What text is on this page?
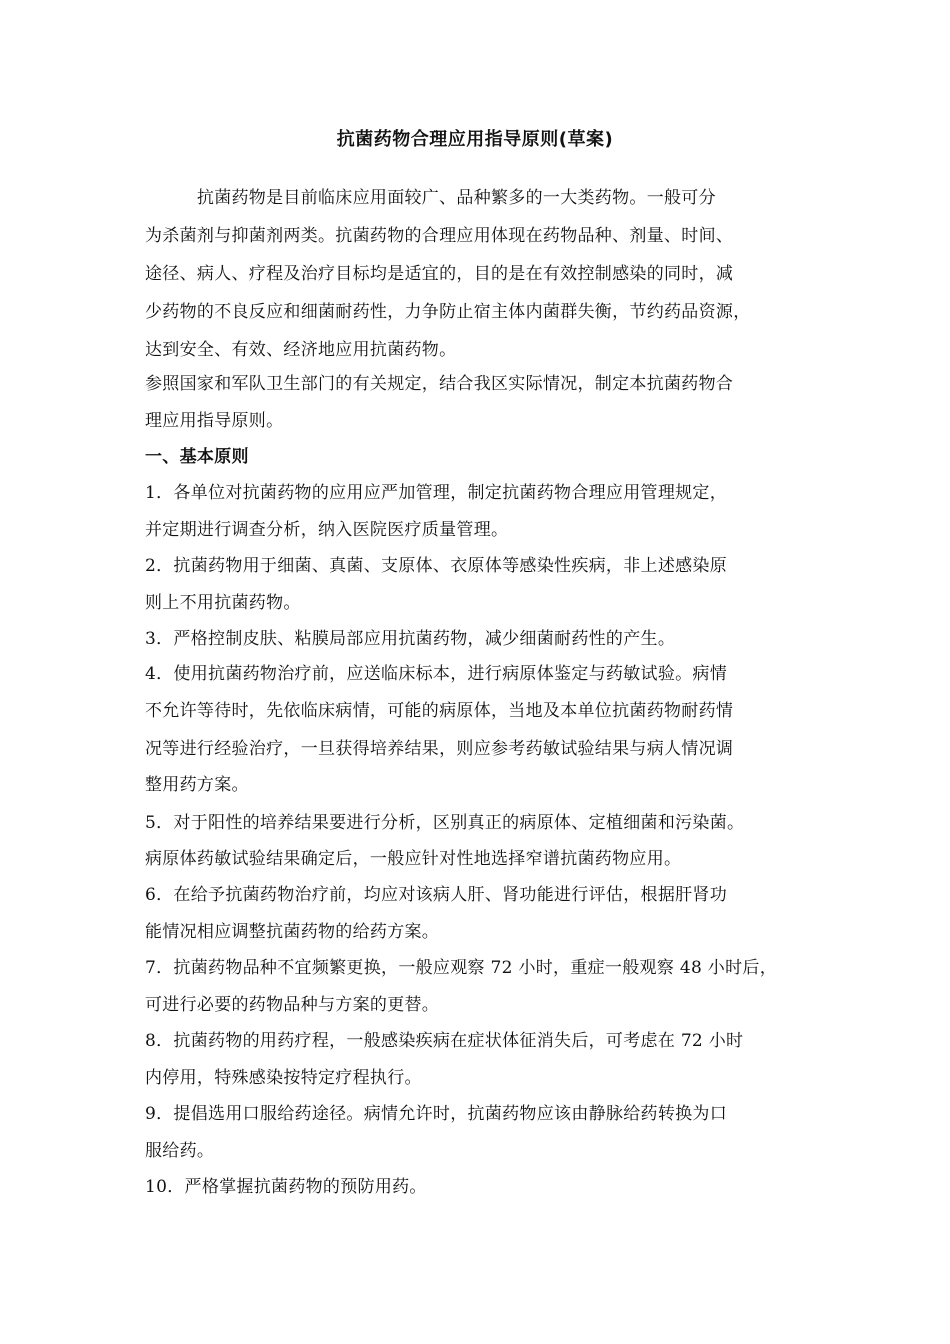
抗菌药物合理应用指导原则(草案)
　　　抗菌药物是目前临床应用面较广、品种繁多的一大类药物。一般可分
为杀菌剂与抑菌剂两类。抗菌药物的合理应用体现在药物品种、剂量、时间、
途径、病人、疗程及治疗目标均是适宜的，目的是在有效控制感染的同时，减
少药物的不良反应和细菌耐药性，力争防止宿主体内菌群失衡，节约药品资源，
达到安全、有效、经济地应用抗菌药物。
参照国家和军队卫生部门的有关规定，结合我区实际情况，制定本抗菌药物合
理应用指导原则。
一、基本原则
1．各单位对抗菌药物的应用应严加管理，制定抗菌药物合理应用管理规定，
并定期进行调查分析，纳入医院医疗质量管理。
2．抗菌药物用于细菌、真菌、支原体、衣原体等感染性疾病，非上述感染原
则上不用抗菌药物。
3．严格控制皮肤、粘膜局部应用抗菌药物，减少细菌耐药性的产生。
4．使用抗菌药物治疗前，应送临床标本，进行病原体鉴定与药敏试验。病情
不允许等待时，先依临床病情，可能的病原体，当地及本单位抗菌药物耐药情
况等进行经验治疗，一旦获得培养结果，则应参考药敏试验结果与病人情况调
整用药方案。
5．对于阳性的培养结果要进行分析，区别真正的病原体、定植细菌和污染菌。
病原体药敏试验结果确定后，一般应针对性地选择窄谱抗菌药物应用。
6．在给予抗菌药物治疗前，均应对该病人肝、肾功能进行评估，根据肝肾功
能情况相应调整抗菌药物的给药方案。
7．抗菌药物品种不宜频繁更换，一般应观察 72 小时，重症一般观察 48 小时后，
可进行必要的药物品种与方案的更替。
8．抗菌药物的用药疗程，一般感染疾病在症状体征消失后，可考虑在 72 小时
内停用，特殊感染按特定疗程执行。
9．提倡选用口服给药途径。病情允许时，抗菌药物应该由静脉给药转换为口
服给药。
10．严格掌握抗菌药物的预防用药。
